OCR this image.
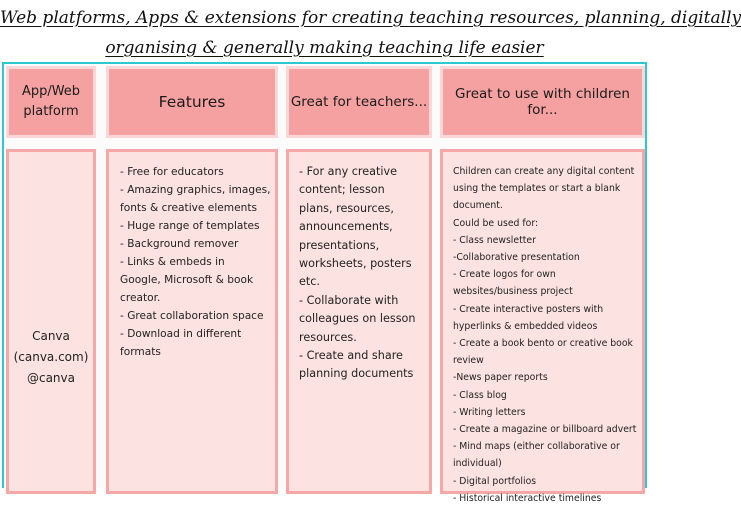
Web platforms, Apps & extensions for creating teaching resources, planning, digitally
organising & generally making teaching life easier
App/Web
platform
Features	Great for teachers...	Great to use with children for...
Canva
(canva.com)
@canva
- Free for educators
- Amazing graphics, images,
fonts & creative elements
- Huge range of templates
- Background remover
- Links & embeds in
Google, Microsoft & book
creator.
- Great collaboration space
- Download in different
formats
- For any creative
content; lesson
plans, resources,
announcements,
presentations,
worksheets, posters
etc.
- Collaborate with
colleagues on lesson
resources.
- Create and share
planning documents
Children can create any digital content
using the templates or start a blank
document.
Could be used for:
- Class newsletter
-Collaborative presentation
- Create logos for own
websites/business project
- Create interactive posters with
hyperlinks & embedded videos
- Create a book bento or creative book
review
-News paper reports
- Class blog
- Writing letters
- Create a magazine or billboard advert
- Mind maps (either collaborative or
individual)
- Digital portfolios
- Historical interactive timelines
